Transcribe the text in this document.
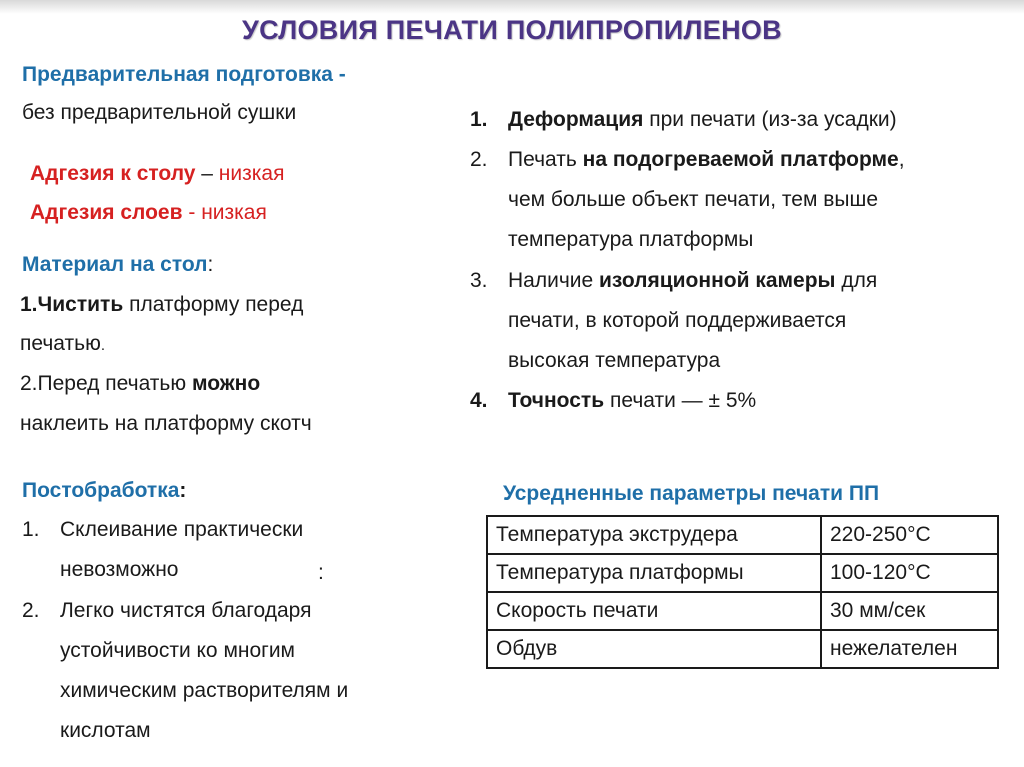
УСЛОВИЯ ПЕЧАТИ ПОЛИПРОПИЛЕНОВ
Предварительная подготовка -
без предварительной сушки
Адгезия к столу – низкая
Адгезия слоев - низкая
Материал на стол:
1.Чистить платформу перед
печатью.
2.Перед печатью можно
наклеить на платформу скотч
Постобработка:
1. Склеивание практически
невозможно	:
2. Легко чистятся благодаря
устойчивости ко многим
химическим растворителям и
кислотам
1. Деформация при печати (из-за усадки)
2. Печать на подогреваемой платформе,
чем больше объект печати, тем выше
температура платформы
3. Наличие изоляционной камеры для
печати, в которой поддерживается
высокая температура
4. Точность печати — ± 5%
Усредненные параметры печати ПП
Температура экструдера	220-250°C
Температура платформы	100-120°C
Скорость печати	30 мм/сек
Обдув	нежелателен
